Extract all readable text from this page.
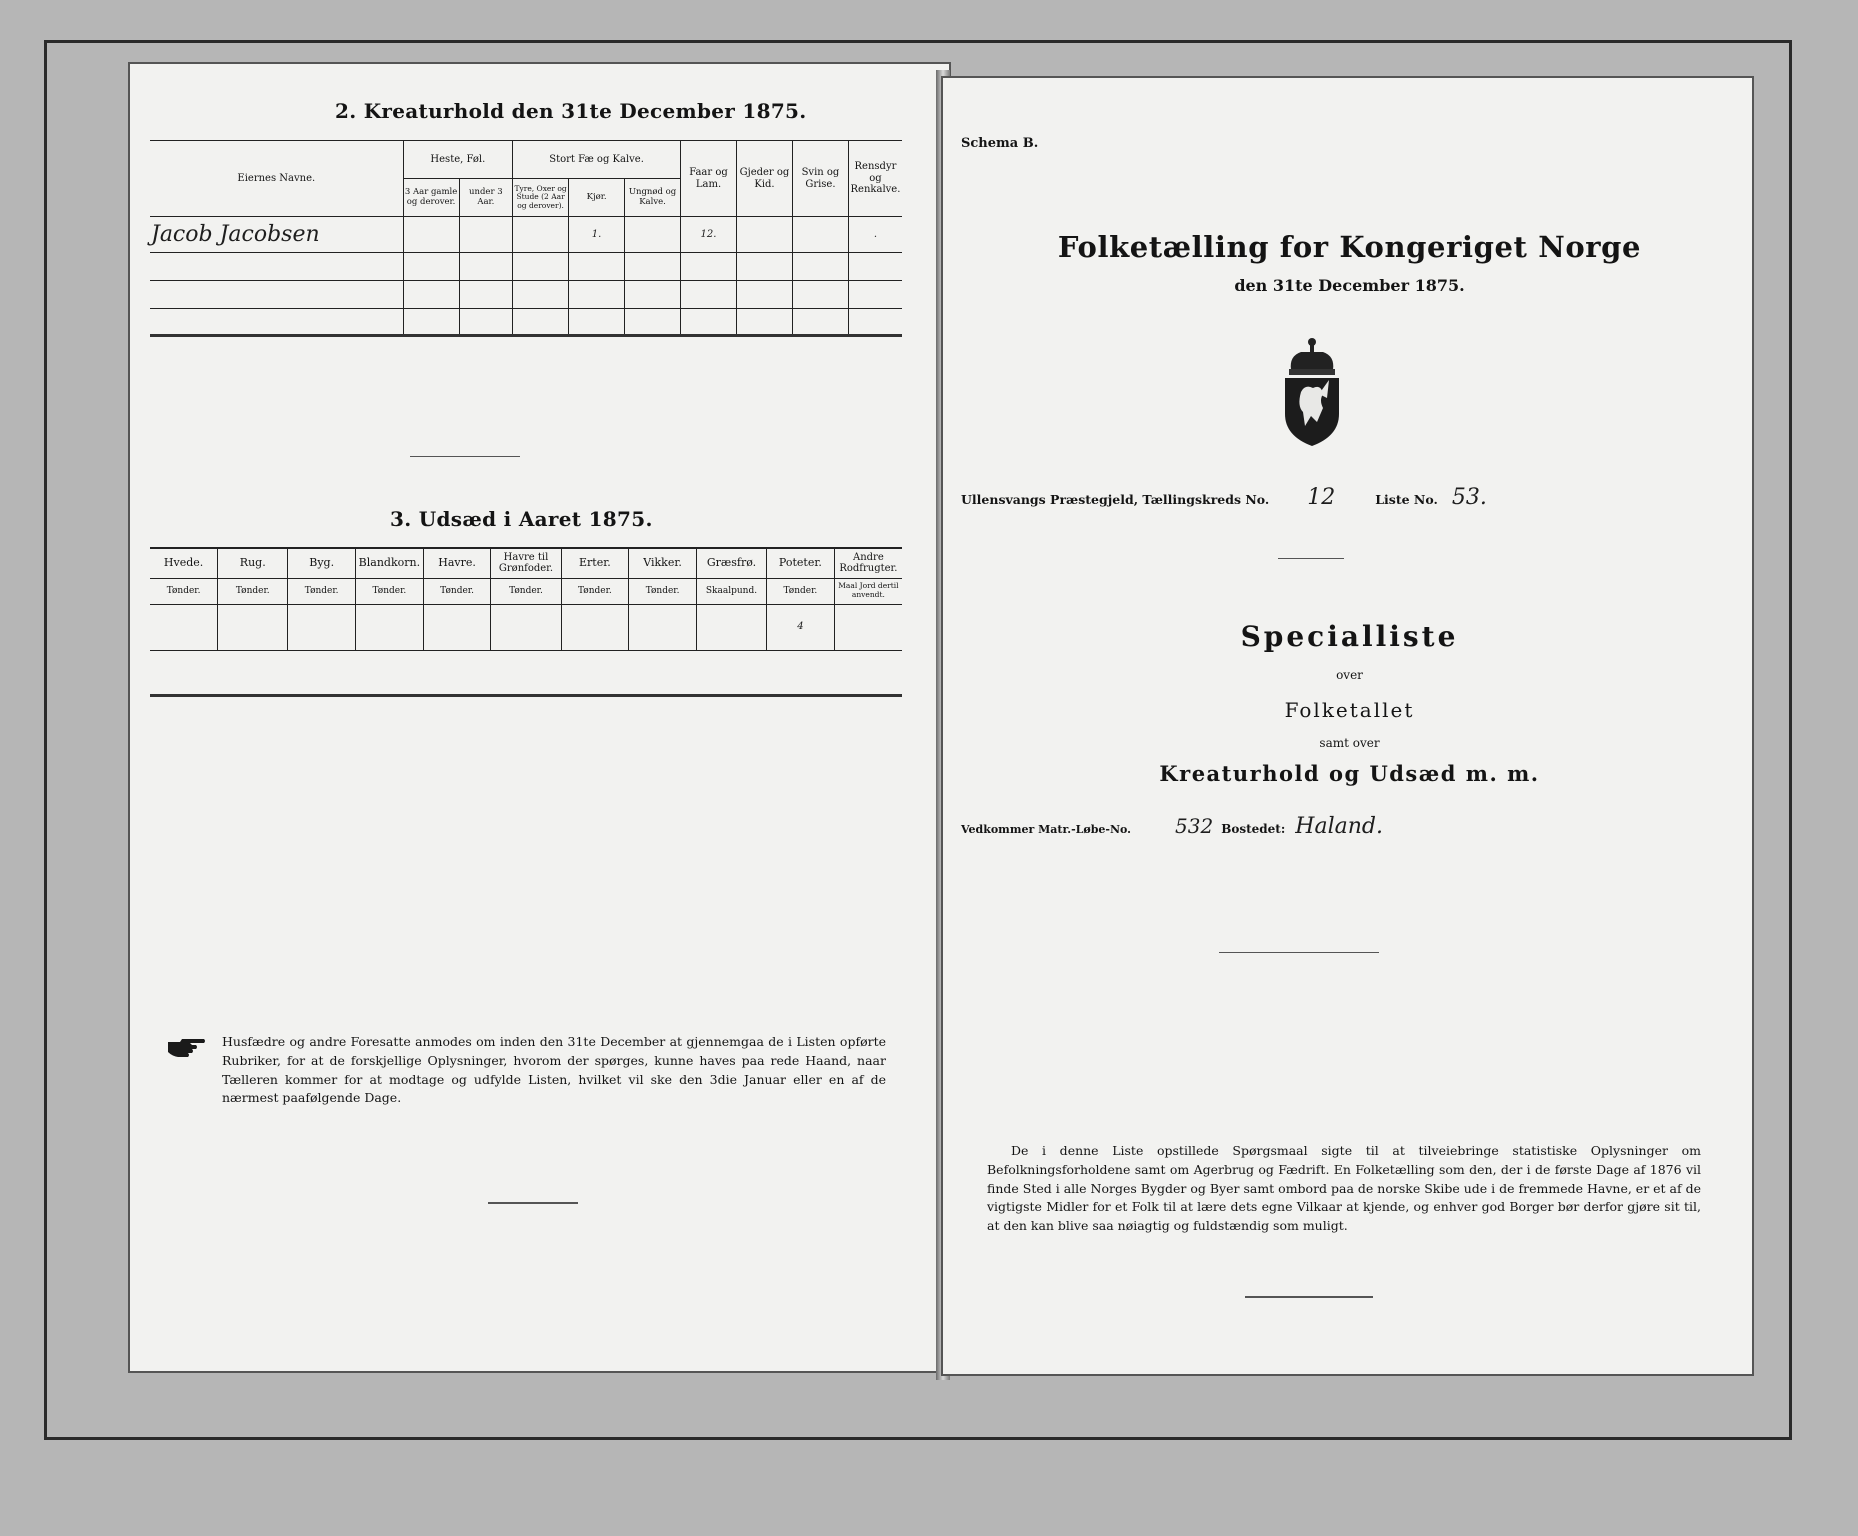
2. Kreaturhold den 31te December 1875.
Eiernes Navne.	Heste, Føl.		Stort Fæ og Kalve.			Faar og Lam.	Gjeder og Kid.	Svin og Grise.	Rensdyr og Renkalve.
	3 Aar gamle og derover.	under 3 Aar.	Tyre, Oxer og Stude (2 Aar og derover).	Kjør.	Ungnød og Kalve.				
Jacob Jacobsen				1.		12.			.

3. Udsæd i Aaret 1875.
Hvede.	Rug.	Byg.	Blandkorn.	Havre.	Havre til Grønfoder.	Erter.	Vikker.	Græsfrø.	Poteter.	Andre Rodfrugter.
Tønder.	Tønder.	Tønder.	Tønder.	Tønder.	Tønder.	Tønder.	Tønder.	Skaalpund.	Tønder.	Maal Jord dertil anvendt.
									4	
Husfædre og andre Foresatte anmodes om inden den 31te December at gjennemgaa de i Listen opførte Rubriker, for at de forskjellige Oplysninger, hvorom der spørges, kunne haves paa rede Haand, naar Tælleren kommer for at modtage og udfylde Listen, hvilket vil ske den 3die Januar eller en af de nærmest paafølgende Dage.
Schema B.
Folketælling for Kongeriget Norge
den 31te December 1875.
Ullensvangs Præstegjeld, Tællingskreds No. 12	Liste No. 53.
Specialliste
over
Folketallet
samt over
Kreaturhold og Udsæd m. m.
Vedkommer Matr.-Løbe-No. 532 Bostedet: Haland.
De i denne Liste opstillede Spørgsmaal sigte til at tilveiebringe statistiske Oplysninger om Befolkningsforholdene samt om Agerbrug og Fædrift. En Folketælling som den, der i de første Dage af 1876 vil finde Sted i alle Norges Bygder og Byer samt ombord paa de norske Skibe ude i de fremmede Havne, er et af de vigtigste Midler for et Folk til at lære dets egne Vilkaar at kjende, og enhver god Borger bør derfor gjøre sit til, at den kan blive saa nøiagtig og fuldstændig som muligt.
